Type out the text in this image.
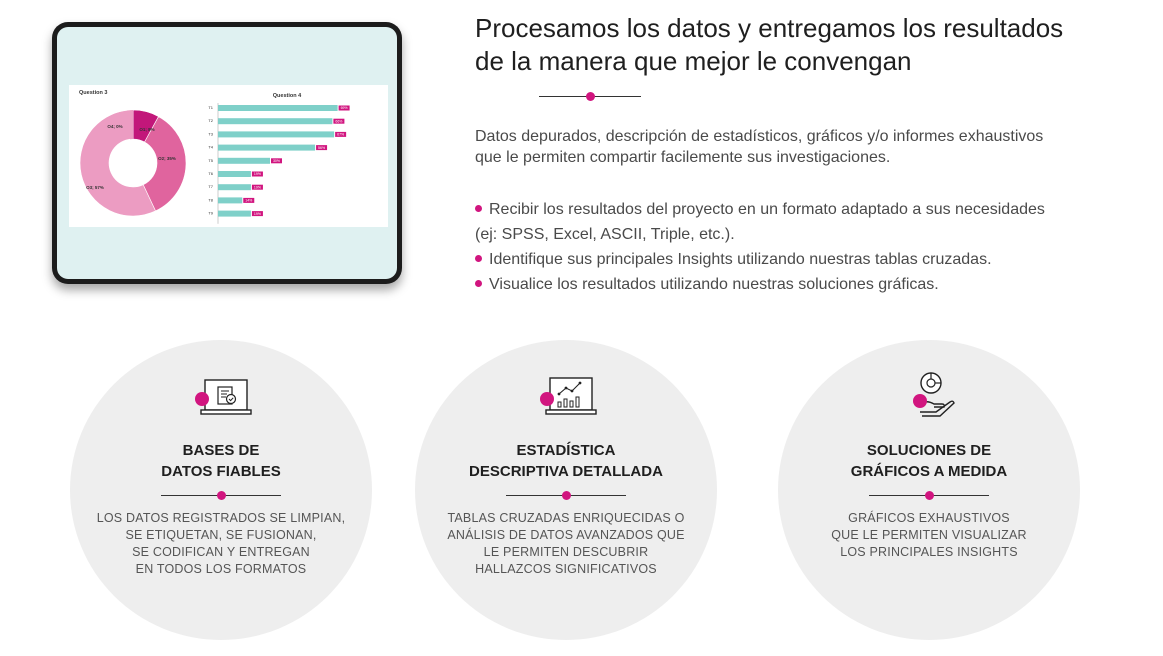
Question 3
O1; 8%
O2; 35%
O3; 57%
O4; 0%
Question 4
T1	69%
T2	66%
T3	67%
T4	56%
T5	30%
T6	19%
T7	19%
T8	14%
T9	19%
Procesamos los datos y entregamos los resultados
de la manera que mejor le convengan

Datos depurados, descripción de estadísticos, gráficos y/o informes exhaustivos
que le permiten compartir facilemente sus investigaciones.

Recibir los resultados del proyecto en un formato adaptado a sus necesidades
(ej: SPSS, Excel, ASCII, Triple, etc.).
Identifique sus principales Insights utilizando nuestras tablas cruzadas.
Visualice los resultados utilizando nuestras soluciones gráficas.
BASES DE
DATOS FIABLES
LOS DATOS REGISTRADOS SE LIMPIAN,
SE ETIQUETAN, SE FUSIONAN,
SE CODIFICAN Y ENTREGAN
EN TODOS LOS FORMATOS
ESTADÍSTICA
DESCRIPTIVA DETALLADA
TABLAS CRUZADAS ENRIQUECIDAS O
ANÁLISIS DE DATOS AVANZADOS QUE
LE PERMITEN DESCUBRIR
HALLAZCOS SIGNIFICATIVOS
SOLUCIONES DE
GRÁFICOS A MEDIDA
GRÁFICOS EXHAUSTIVOS
QUE LE PERMITEN VISUALIZAR
LOS PRINCIPALES INSIGHTS
